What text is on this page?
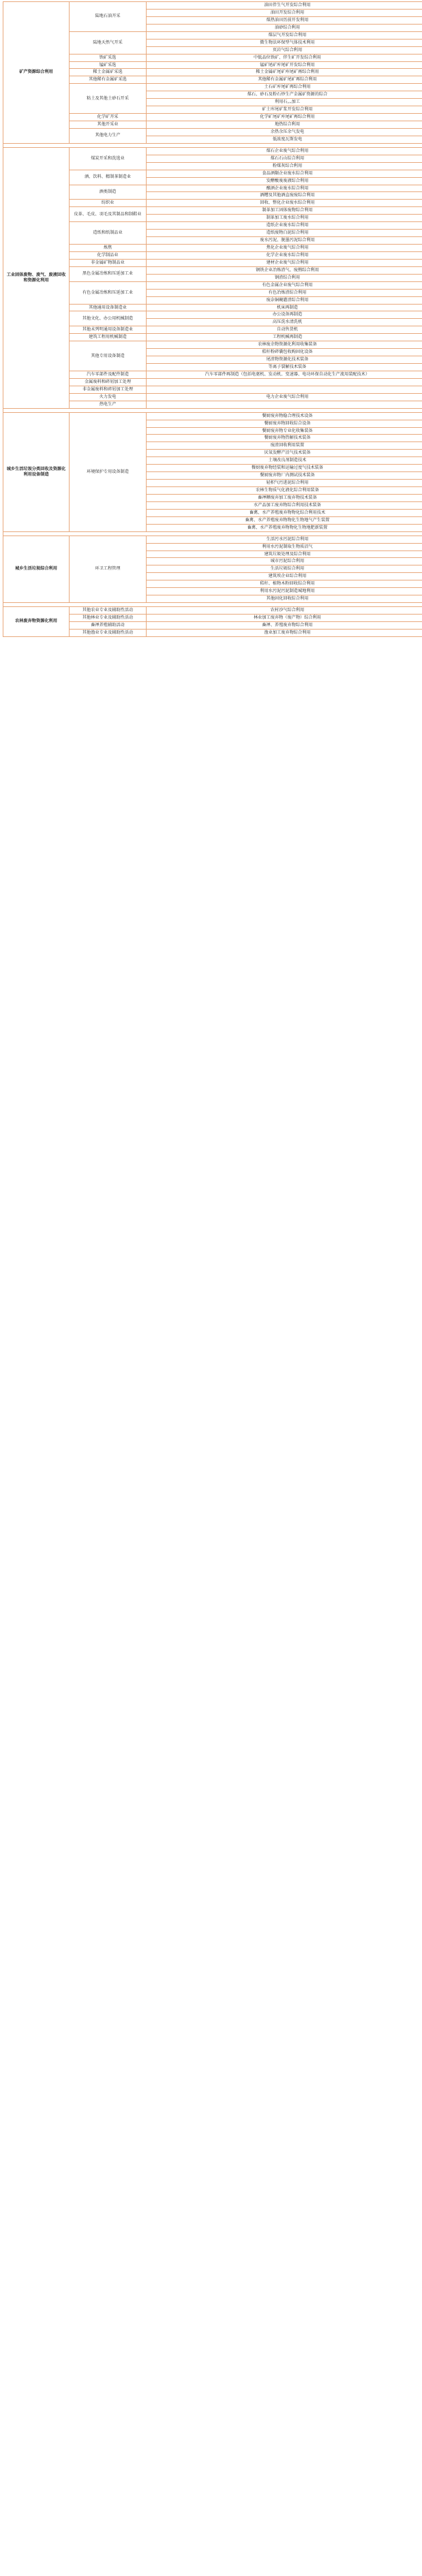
矿产资源综合利用	陆地石油开采	油田伴生气开发综合利用
		油田开发综合利用
		煤热油田历前开发利用
		油砂综合利用
	陆地天然气开采	煤层气开发综合利用
		微生物法环保型气体技术利用
		页岩气综合利用
	铁矿采选	中低品位铁矿、伴生矿开发综合利用
	锰矿采选	锰矿尾矿库尾矿开发综合利用
	稀土金属矿采选	稀土金属矿尾矿库尾矿再综合利用
	其他稀有金属矿采选	其他稀有金属矿尾矿再综合利用
	粘土及其他土砂石开采	土石矿库尾矿再综合利用
		煤石、砂石及粉石炒生产金属矿资源的综合
		利用石灬加工
		矿土库尾矿浆开发综合利用
	化学矿开采	化学矿尾矿库尾矿再综合利用
	其他开采业	地热综合利用
	其他电力生产	余热余压余气发电
		低浓度瓦斯发电

工业固体废物、废气、废液回收和资源化利用	煤炭开采和洗选业	煤石企业废气综合利用
		煤石石山综合利用
		粉煤灰综合利用
	酒、饮料、精制茶制造业	食品酒類企业废水综合利用
		发酵酸废废液综合利用
	酒类制造	酿酒企业废水综合利用
		酒糟及其他酒直废废综合利用
	纺织业	回收、整化企业废水综合利用
	皮革、毛皮、羽毛及其制品和制鞋业	制革加工固体废物综合利用
		制革加工废水综合利用
	造纸和纸制品业	造纸企业废水综合利用
		造纸废物白泥综合利用
		废水污泥、脱墨污泥综合利用
	炼焦	焦化企业废气综合利用
	化学制品业	化学企业废水综合利用
	非金属矿物制品业	建材企业废气综合利用
	黑色金属冶炼和压延加工业	钢铁企业冶炼渣气、废熱综合利用
		钢渣综合利用
	有色金属冶炼和压延加工业	有色金属企业废气综合利用
		有色冶炼渣综合利用
		废杂铜碗灌渣综合利用
	其他通用设备制造业	机床再制造
	其他文化、办公用机械制造	办公设备再制造
		高压洗水清洗机
	其他未列明通用设备制造业	自动售货机
	建筑工程用机械制造	工程机械再制造
	其他专用设备制造	农林废余物资源化利用收集装备
		秸秆粉碎囊包收购固化设备
		尾渣物资源化技术装备
		等离子裂解技术装备
	汽车零部件及配件制造	汽车零部件再制造（包括电驱机、发动机、变速器、电功环保自动化生产流用装配技术）
	金属废料和碎屑加工处理	
	非金属废料和碎屑加工处理	
	火力发电	电力企业废气综合利用
	热电生产	

城乡生活垃圾分类回收及资源化利用设备制造	环境保护专用设备制造	餐厨废弃物稳合理技术设备
		餐厨废弃物回收综合设备
		餐厨废弃物专业化收集装备
		餐厨废弃物热解技术装备
		废渣回收利用装置
		厌氧发酵产沼气技术装备
		土壤改良剂制造技术
		餐厨废弃物经装和运输过度气技术装备
		餐厨废弃物厂内测试技术装备
		轻积气污进泥综合利用
		农林生物质气化液化综合利用装备
		畜禅粞废弃加工废弃物技术装备
		水产品加工废弃物综合利用技术装备
		畜禽、水产养殖废弃物物化综合利用技术
		畜禽、水产养殖废弃物物化生物地气产生装置
		畜禽、水产养殖废弃物物化生物地肥新装置

城乡生活垃圾综合利用	环卫工程管理	生活污水污泥综合利用
		利用水污泥制取生物质沼气
		建筑垃圾处理及综合利用
		城市污泥综合利用
		生活垃圾综合利用
		建筑埃企业综合利用
		秸秆、植物木粉回收综合利用
		利用水污泥污泥制造城地利用
		其他固化回收综合利用

农林废弃物资源化利用	其他农业专业及辅助性活动	农村沙气综合利用
	其他林业专业及辅助性活动	林业加工废弃物（废产物）综合利用
	畜禅养殖辅助活动	畜禅、养殖废弃物综合利用
	其他渔业专业及辅助性活动	渔业加工废弃物综合利用
